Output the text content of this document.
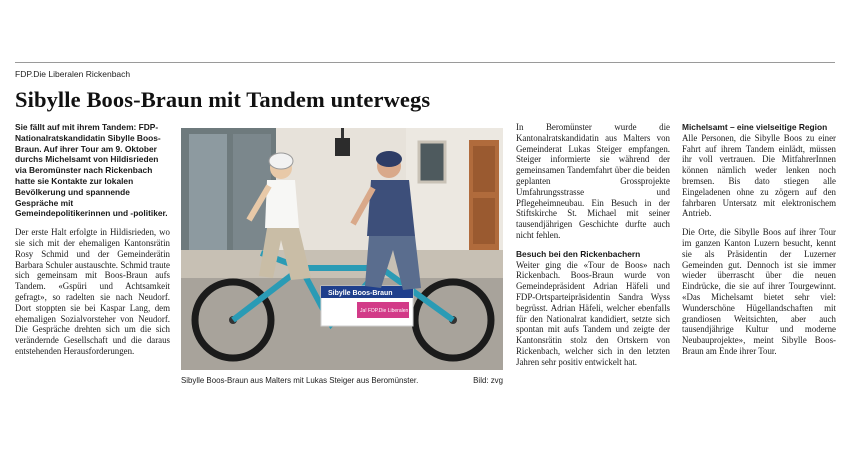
FDP.Die Liberalen Rickenbach
Sibylle Boos-Braun mit Tandem unterwegs

Sie fällt auf mit ihrem Tandem: FDP-Nationalratskandidatin Sibylle Boos-Braun. Auf ihrer Tour am 9. Oktober durchs Michelsamt von Hildisrieden via Beromünster nach Rickenbach hatte sie Kontakte zur lokalen Bevölkerung und spannende Gespräche mit Gemeindepolitikerinnen und -politiker.

Der erste Halt erfolgte in Hildisrieden, wo sie sich mit der ehemaligen Kantonsrätin Rosy Schmid und der Gemeinderätin Barbara Schuler austauschte. Schmid traute sich gemeinsam mit Boos-Braun aufs Tandem. «Gspüri und Achtsamkeit gefragt», so radelten sie nach Neudorf. Dort stoppten sie bei Kaspar Lang, dem ehemaligen Sozialvorsteher von Neudorf. Die Gespräche drehten sich um die sich verändernde Gesellschaft und die daraus entstehenden Herausforderungen.

Sibylle Boos-Braun
Ja! FDP.Die Liberalen
Sibylle Boos-Braun aus Malters mit Lukas Steiger aus Beromünster.	Bild: zvg

In Beromünster wurde die Kantonalratskandidatin aus Malters von Gemeinderat Lukas Steiger empfangen. Steiger informierte sie während der gemeinsamen Tandemfahrt über die beiden geplanten Grossprojekte Umfahrungsstrasse und Pflegeheimneubau. Ein Besuch in der Stiftskirche St. Michael mit seiner tausendjährigen Geschichte durfte auch nicht fehlen.

Besuch bei den Rickenbachern

Weiter ging die «Tour de Boos» nach Rickenbach. Boos-Braun wurde von Gemeindepräsident Adrian Häfeli und FDP-Ortsparteipräsidentin Sandra Wyss begrüsst. Adrian Häfeli, welcher ebenfalls für den Nationalrat kandidiert, setzte sich spontan mit aufs Tandem und zeigte der Kantonsrätin stolz den Ortskern von Rickenbach, welcher sich in den letzten Jahren sehr positiv entwickelt hat.

Michelsamt – eine vielseitige Region

Alle Personen, die Sibylle Boos zu einer Fahrt auf ihrem Tandem einlädt, müssen ihr voll vertrauen. Die MitfahrerInnen können nämlich weder lenken noch bremsen. Bis dato stiegen alle Eingeladenen ohne zu zögern auf den fahrbaren Untersatz mit elektronischem Antrieb.

Die Orte, die Sibylle Boos auf ihrer Tour im ganzen Kanton Luzern besucht, kennt sie als Präsidentin der Luzerner Gemeinden gut. Dennoch ist sie immer wieder überrascht über die neuen Eindrücke, die sie auf ihrer Tourgewinnt. «Das Michelsamt bietet sehr viel: Wunderschöne Hügellandschaften mit grandiosen Weitsichten, aber auch tausendjährige Kultur und moderne Neubauprojekte», meint Sibylle Boos-Braun am Ende ihrer Tour.
